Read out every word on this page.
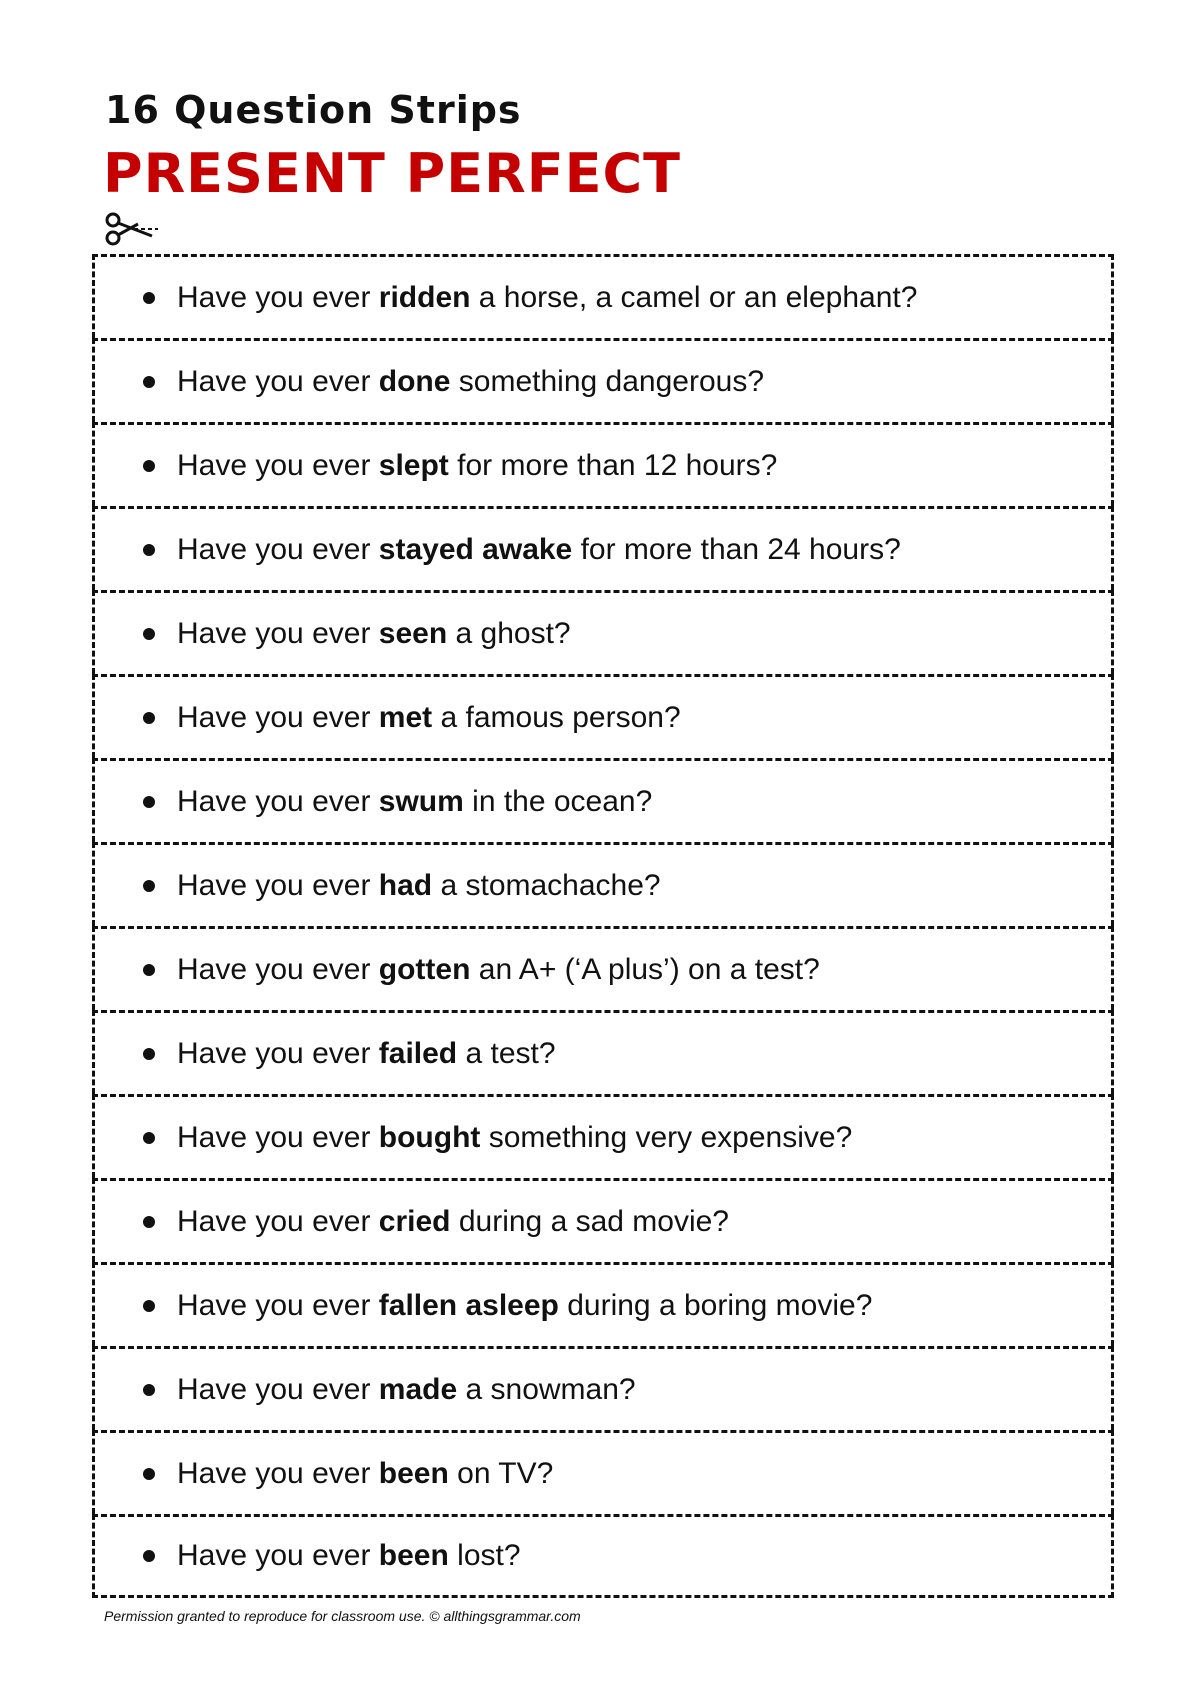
16 Question Strips
PRESENT PERFECT
Have you ever ridden a horse, a camel or an elephant?
Have you ever done something dangerous?
Have you ever slept for more than 12 hours?
Have you ever stayed awake for more than 24 hours?
Have you ever seen a ghost?
Have you ever met a famous person?
Have you ever swum in the ocean?
Have you ever had a stomachache?
Have you ever gotten an A+ (‘A plus’) on a test?
Have you ever failed a test?
Have you ever bought something very expensive?
Have you ever cried during a sad movie?
Have you ever fallen asleep during a boring movie?
Have you ever made a snowman?
Have you ever been on TV?
Have you ever been lost?
Permission granted to reproduce for classroom use. © allthingsgrammar.com
